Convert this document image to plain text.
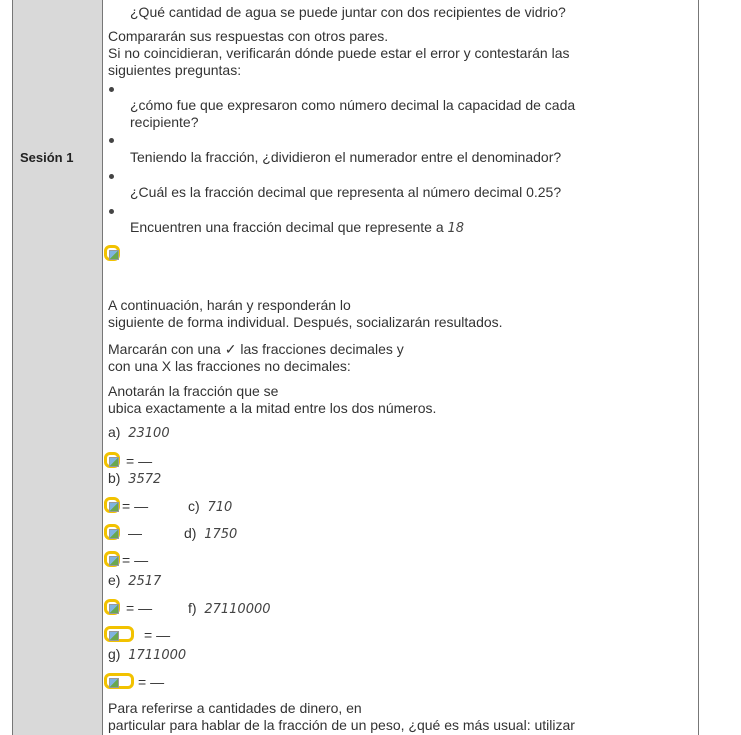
Sesión 1
¿Qué cantidad de agua se puede juntar con dos recipientes de vidrio?
Compararán sus respuestas con otros pares.
Si no coincidieran, verificarán dónde puede estar el error y contestarán las
siguientes preguntas:
¿cómo fue que expresaron como número decimal la capacidad de cada
recipiente?
Teniendo la fracción, ¿dividieron el numerador entre el denominador?
¿Cuál es la fracción decimal que representa al número decimal 0.25?
Encuentren una fracción decimal que represente a 18
A continuación, harán y responderán lo
siguiente de forma individual. Después, socializarán resultados.
Marcarán con una ✓ las fracciones decimales y
con una X las fracciones no decimales:
Anotarán la fracción que se
ubica exactamente a la mitad entre los dos números.
a) 23100
= —
b) 3572
= —	c) 710
—	d) 1750
= —
e) 2517
= —	f) 27110000
= —
g) 1711000
= —
Para referirse a cantidades de dinero, en
particular para hablar de la fracción de un peso, ¿qué es más usual: utilizar
